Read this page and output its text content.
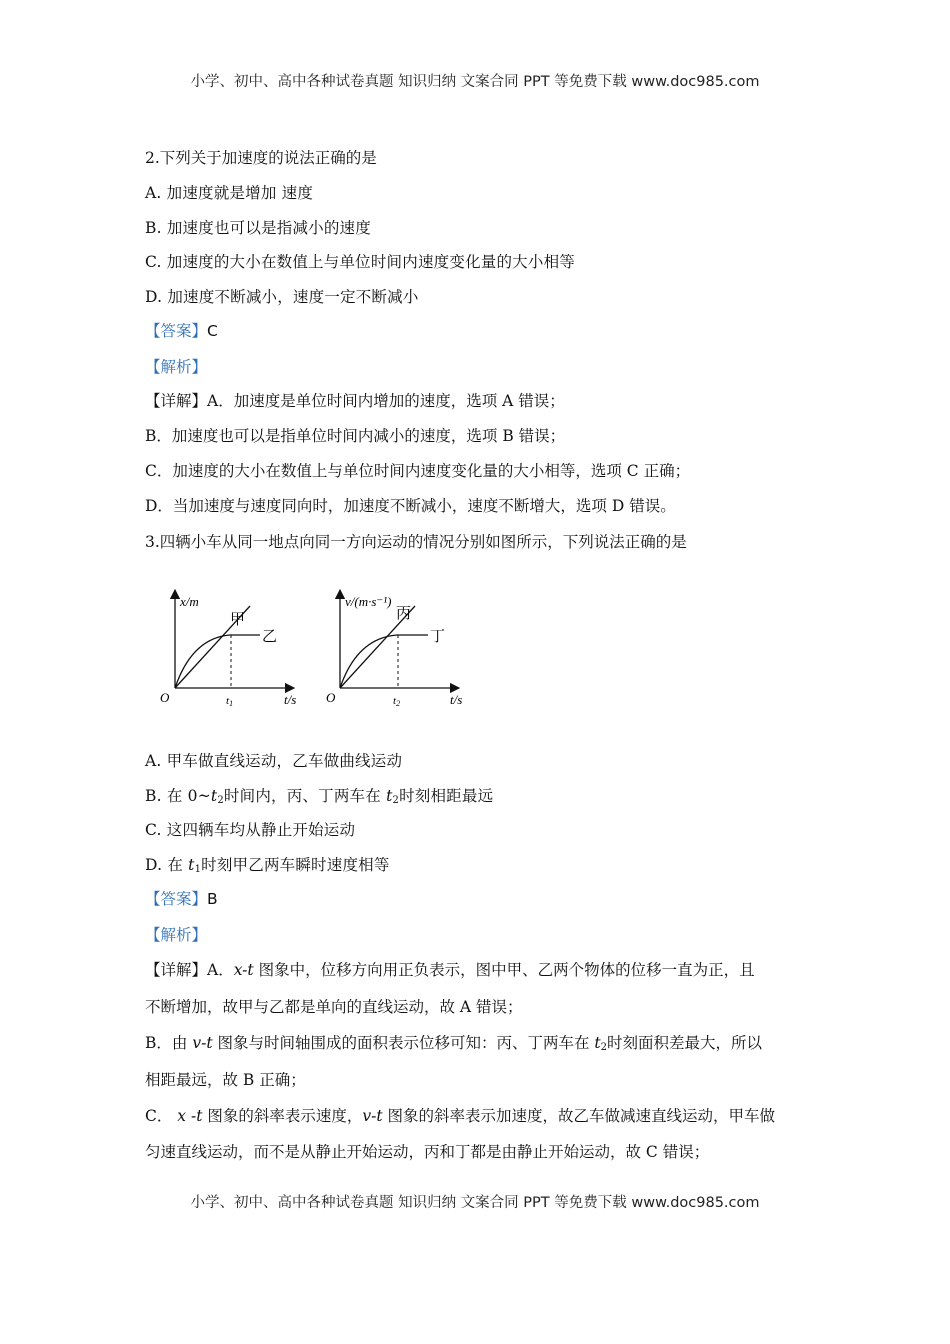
小学、初中、高中各种试卷真题 知识归纳 文案合同 PPT 等免费下载 www.doc985.com
2.下列关于加速度的说法正确的是
A. 加速度就是增加 速度
B. 加速度也可以是指减小的速度
C. 加速度的大小在数值上与单位时间内速度变化量的大小相等
D. 加速度不断减小，速度一定不断减小
【答案】C
【解析】
【详解】A．加速度是单位时间内增加的速度，选项 A 错误；
B．加速度也可以是指单位时间内减小的速度，选项 B 错误；
C．加速度的大小在数值上与单位时间内速度变化量的大小相等，选项 C 正确；
D．当加速度与速度同向时，加速度不断减小，速度不断增大，选项 D 错误。
3.四辆小车从同一地点向同一方向运动的情况分别如图所示，下列说法正确的是
x/m
t/s
O	t1
甲
乙
v/(m·s⁻¹)
t/s
O	t2
丙
丁
A. 甲车做直线运动，乙车做曲线运动
B. 在 $0\sim t_2$时间内，丙、丁两车在 $t_2$时刻相距最远
C. 这四辆车均从静止开始运动
D. 在 $t_1$时刻甲乙两车瞬时速度相等
【答案】B
【解析】
【详解】A．x-t 图象中，位移方向用正负表示，图中甲、乙两个物体的位移一直为正，且
不断增加，故甲与乙都是单向的直线运动，故 A 错误；
B．由 v-t 图象与时间轴围成的面积表示位移可知：丙、丁两车在 $t_2$时刻面积差最大，所以
相距最远，故 B 正确；
C． x -t 图象的斜率表示速度，v-t 图象的斜率表示加速度，故乙车做减速直线运动，甲车做
匀速直线运动，而不是从静止开始运动，丙和丁都是由静止开始运动，故 C 错误；
小学、初中、高中各种试卷真题 知识归纳 文案合同 PPT 等免费下载 www.doc985.com
